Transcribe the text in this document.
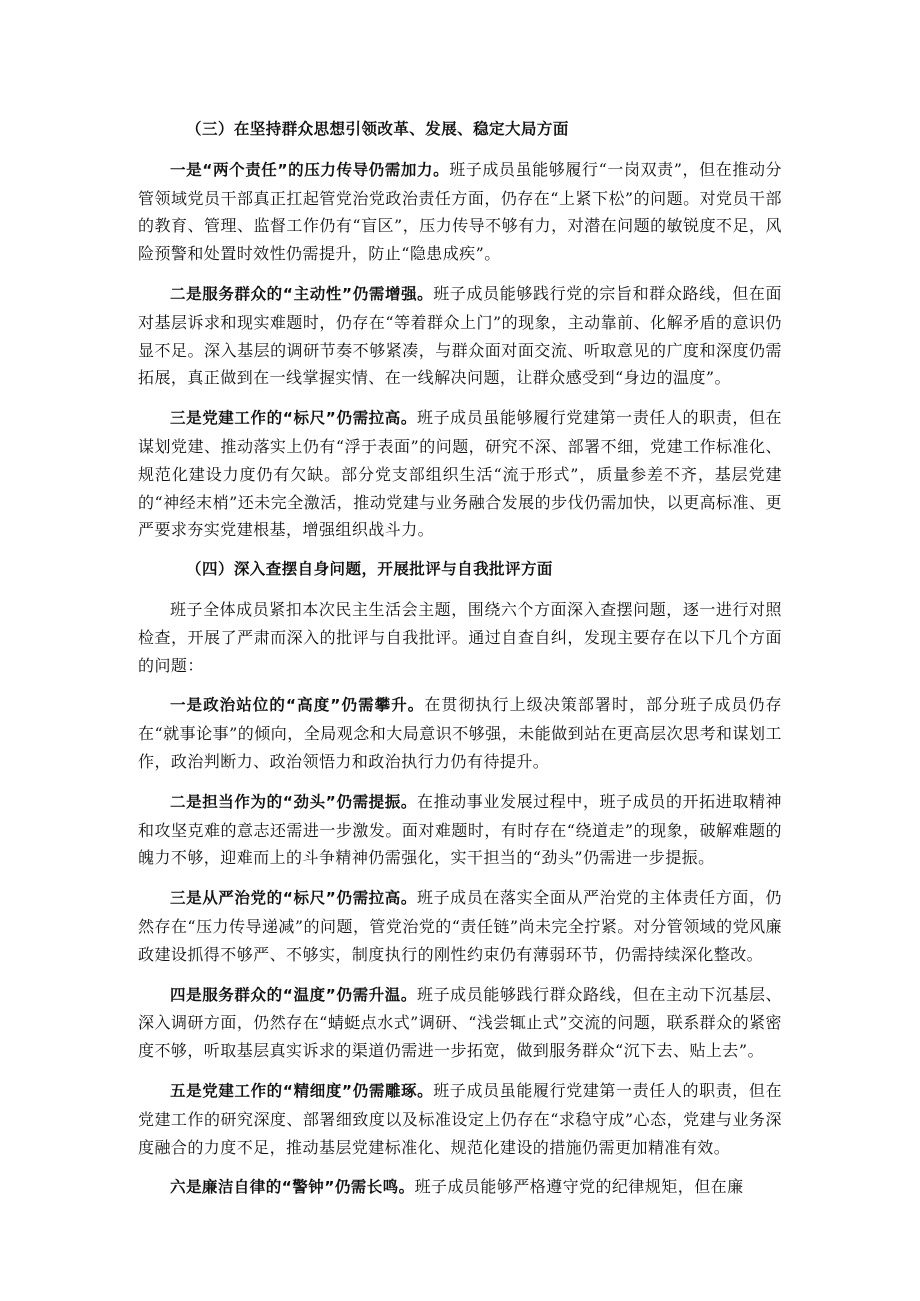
（三）在坚持群众思想引领改革、发展、稳定大局方面

一是“两个责任”的压力传导仍需加力。班子成员虽能够履行“一岗双责”，但在推动分管领域党员干部真正扛起管党治党政治责任方面，仍存在“上紧下松”的问题。对党员干部的教育、管理、监督工作仍有“盲区”，压力传导不够有力，对潜在问题的敏锐度不足，风险预警和处置时效性仍需提升，防止“隐患成疾”。

二是服务群众的“主动性”仍需增强。班子成员能够践行党的宗旨和群众路线，但在面对基层诉求和现实难题时，仍存在“等着群众上门”的现象，主动靠前、化解矛盾的意识仍显不足。深入基层的调研节奏不够紧凑，与群众面对面交流、听取意见的广度和深度仍需拓展，真正做到在一线掌握实情、在一线解决问题，让群众感受到“身边的温度”。

三是党建工作的“标尺”仍需拉高。班子成员虽能够履行党建第一责任人的职责，但在谋划党建、推动落实上仍有“浮于表面”的问题，研究不深、部署不细，党建工作标准化、规范化建设力度仍有欠缺。部分党支部组织生活“流于形式”，质量参差不齐，基层党建的“神经末梢”还未完全激活，推动党建与业务融合发展的步伐仍需加快，以更高标准、更严要求夯实党建根基，增强组织战斗力。

（四）深入查摆自身问题，开展批评与自我批评方面

班子全体成员紧扣本次民主生活会主题，围绕六个方面深入查摆问题，逐一进行对照检查，开展了严肃而深入的批评与自我批评。通过自查自纠，发现主要存在以下几个方面的问题：

一是政治站位的“高度”仍需攀升。在贯彻执行上级决策部署时，部分班子成员仍存在“就事论事”的倾向，全局观念和大局意识不够强，未能做到站在更高层次思考和谋划工作，政治判断力、政治领悟力和政治执行力仍有待提升。

二是担当作为的“劲头”仍需提振。在推动事业发展过程中，班子成员的开拓进取精神和攻坚克难的意志还需进一步激发。面对难题时，有时存在“绕道走”的现象，破解难题的魄力不够，迎难而上的斗争精神仍需强化，实干担当的“劲头”仍需进一步提振。

三是从严治党的“标尺”仍需拉高。班子成员在落实全面从严治党的主体责任方面，仍然存在“压力传导递减”的问题，管党治党的“责任链”尚未完全拧紧。对分管领域的党风廉政建设抓得不够严、不够实，制度执行的刚性约束仍有薄弱环节，仍需持续深化整改。

四是服务群众的“温度”仍需升温。班子成员能够践行群众路线，但在主动下沉基层、深入调研方面，仍然存在“蜻蜓点水式”调研、“浅尝辄止式”交流的问题，联系群众的紧密度不够，听取基层真实诉求的渠道仍需进一步拓宽，做到服务群众“沉下去、贴上去”。

五是党建工作的“精细度”仍需雕琢。班子成员虽能履行党建第一责任人的职责，但在党建工作的研究深度、部署细致度以及标准设定上仍存在“求稳守成”心态，党建与业务深度融合的力度不足，推动基层党建标准化、规范化建设的措施仍需更加精准有效。

六是廉洁自律的“警钟”仍需长鸣。班子成员能够严格遵守党的纪律规矩，但在廉
